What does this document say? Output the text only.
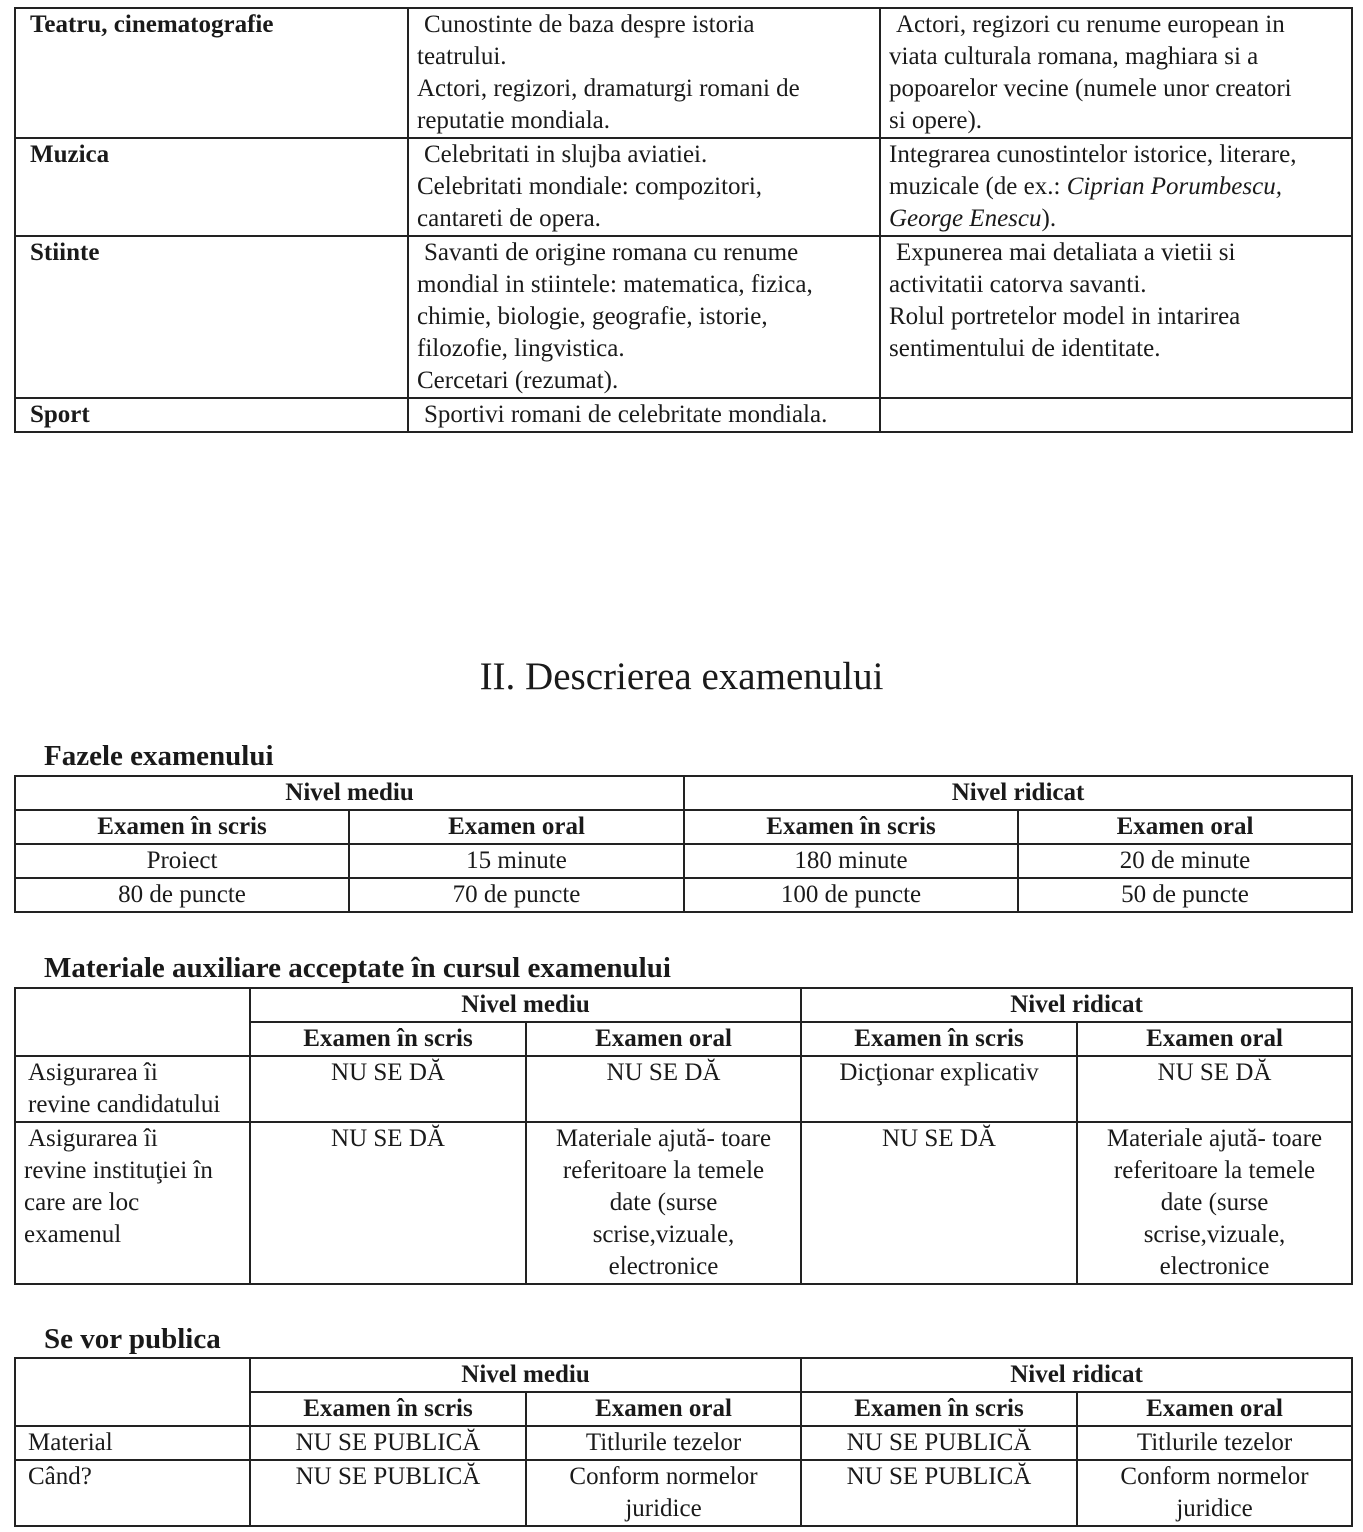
Teatru, cinematografie	Cunostinte de baza despre istoria
teatrului.
Actori, regizori, dramaturgi romani de
reputatie mondiala.	Actori, regizori cu renume european in
viata culturala romana, maghiara si a
popoarelor vecine (numele unor creatori
si opere).

Muzica	Celebritati in slujba aviatiei.
Celebritati mondiale: compozitori,
cantareti de opera.	Integrarea cunostintelor istorice, literare,
muzicale (de ex.: Ciprian Porumbescu,
George Enescu).

Stiinte	Savanti de origine romana cu renume
mondial in stiintele: matematica, fizica,
chimie, biologie, geografie, istorie,
filozofie, lingvistica.
Cercetari (rezumat).	Expunerea mai detaliata a vietii si
activitatii catorva savanti.
Rolul portretelor model in intarirea
sentimentului de identitate.

Sport	Sportivi romani de celebritate mondiala.	

II. Descrierea examenului
Fazele examenului
Nivel mediu		Nivel ridicat	
Examen în scris	Examen oral	Examen în scris	Examen oral
Proiect	15 minute	180 minute	20 de minute
80 de puncte	70 de puncte	100 de puncte	50 de puncte
Materiale auxiliare acceptate în cursul examenului
	Nivel mediu		Nivel ridicat	
	Examen în scris	Examen oral	Examen în scris	Examen oral

Asigurarea îi
revine candidatului	NU SE DĂ	NU SE DĂ	Dicţionar explicativ	NU SE DĂ

Asigurarea îi
revine instituţiei în
care are loc
examenul	NU SE DĂ	Materiale ajută- toare
referitoare la temele
date (surse
scrise,vizuale,
electronice	NU SE DĂ	Materiale ajută- toare
referitoare la temele
date (surse
scrise,vizuale,
electronice
Se vor publica
	Nivel mediu		Nivel ridicat	
	Examen în scris	Examen oral	Examen în scris	Examen oral
Material	NU SE PUBLICĂ	Titlurile tezelor	NU SE PUBLICĂ	Titlurile tezelor

Când?	NU SE PUBLICĂ	Conform normelor
juridice	NU SE PUBLICĂ	Conform normelor
juridice
